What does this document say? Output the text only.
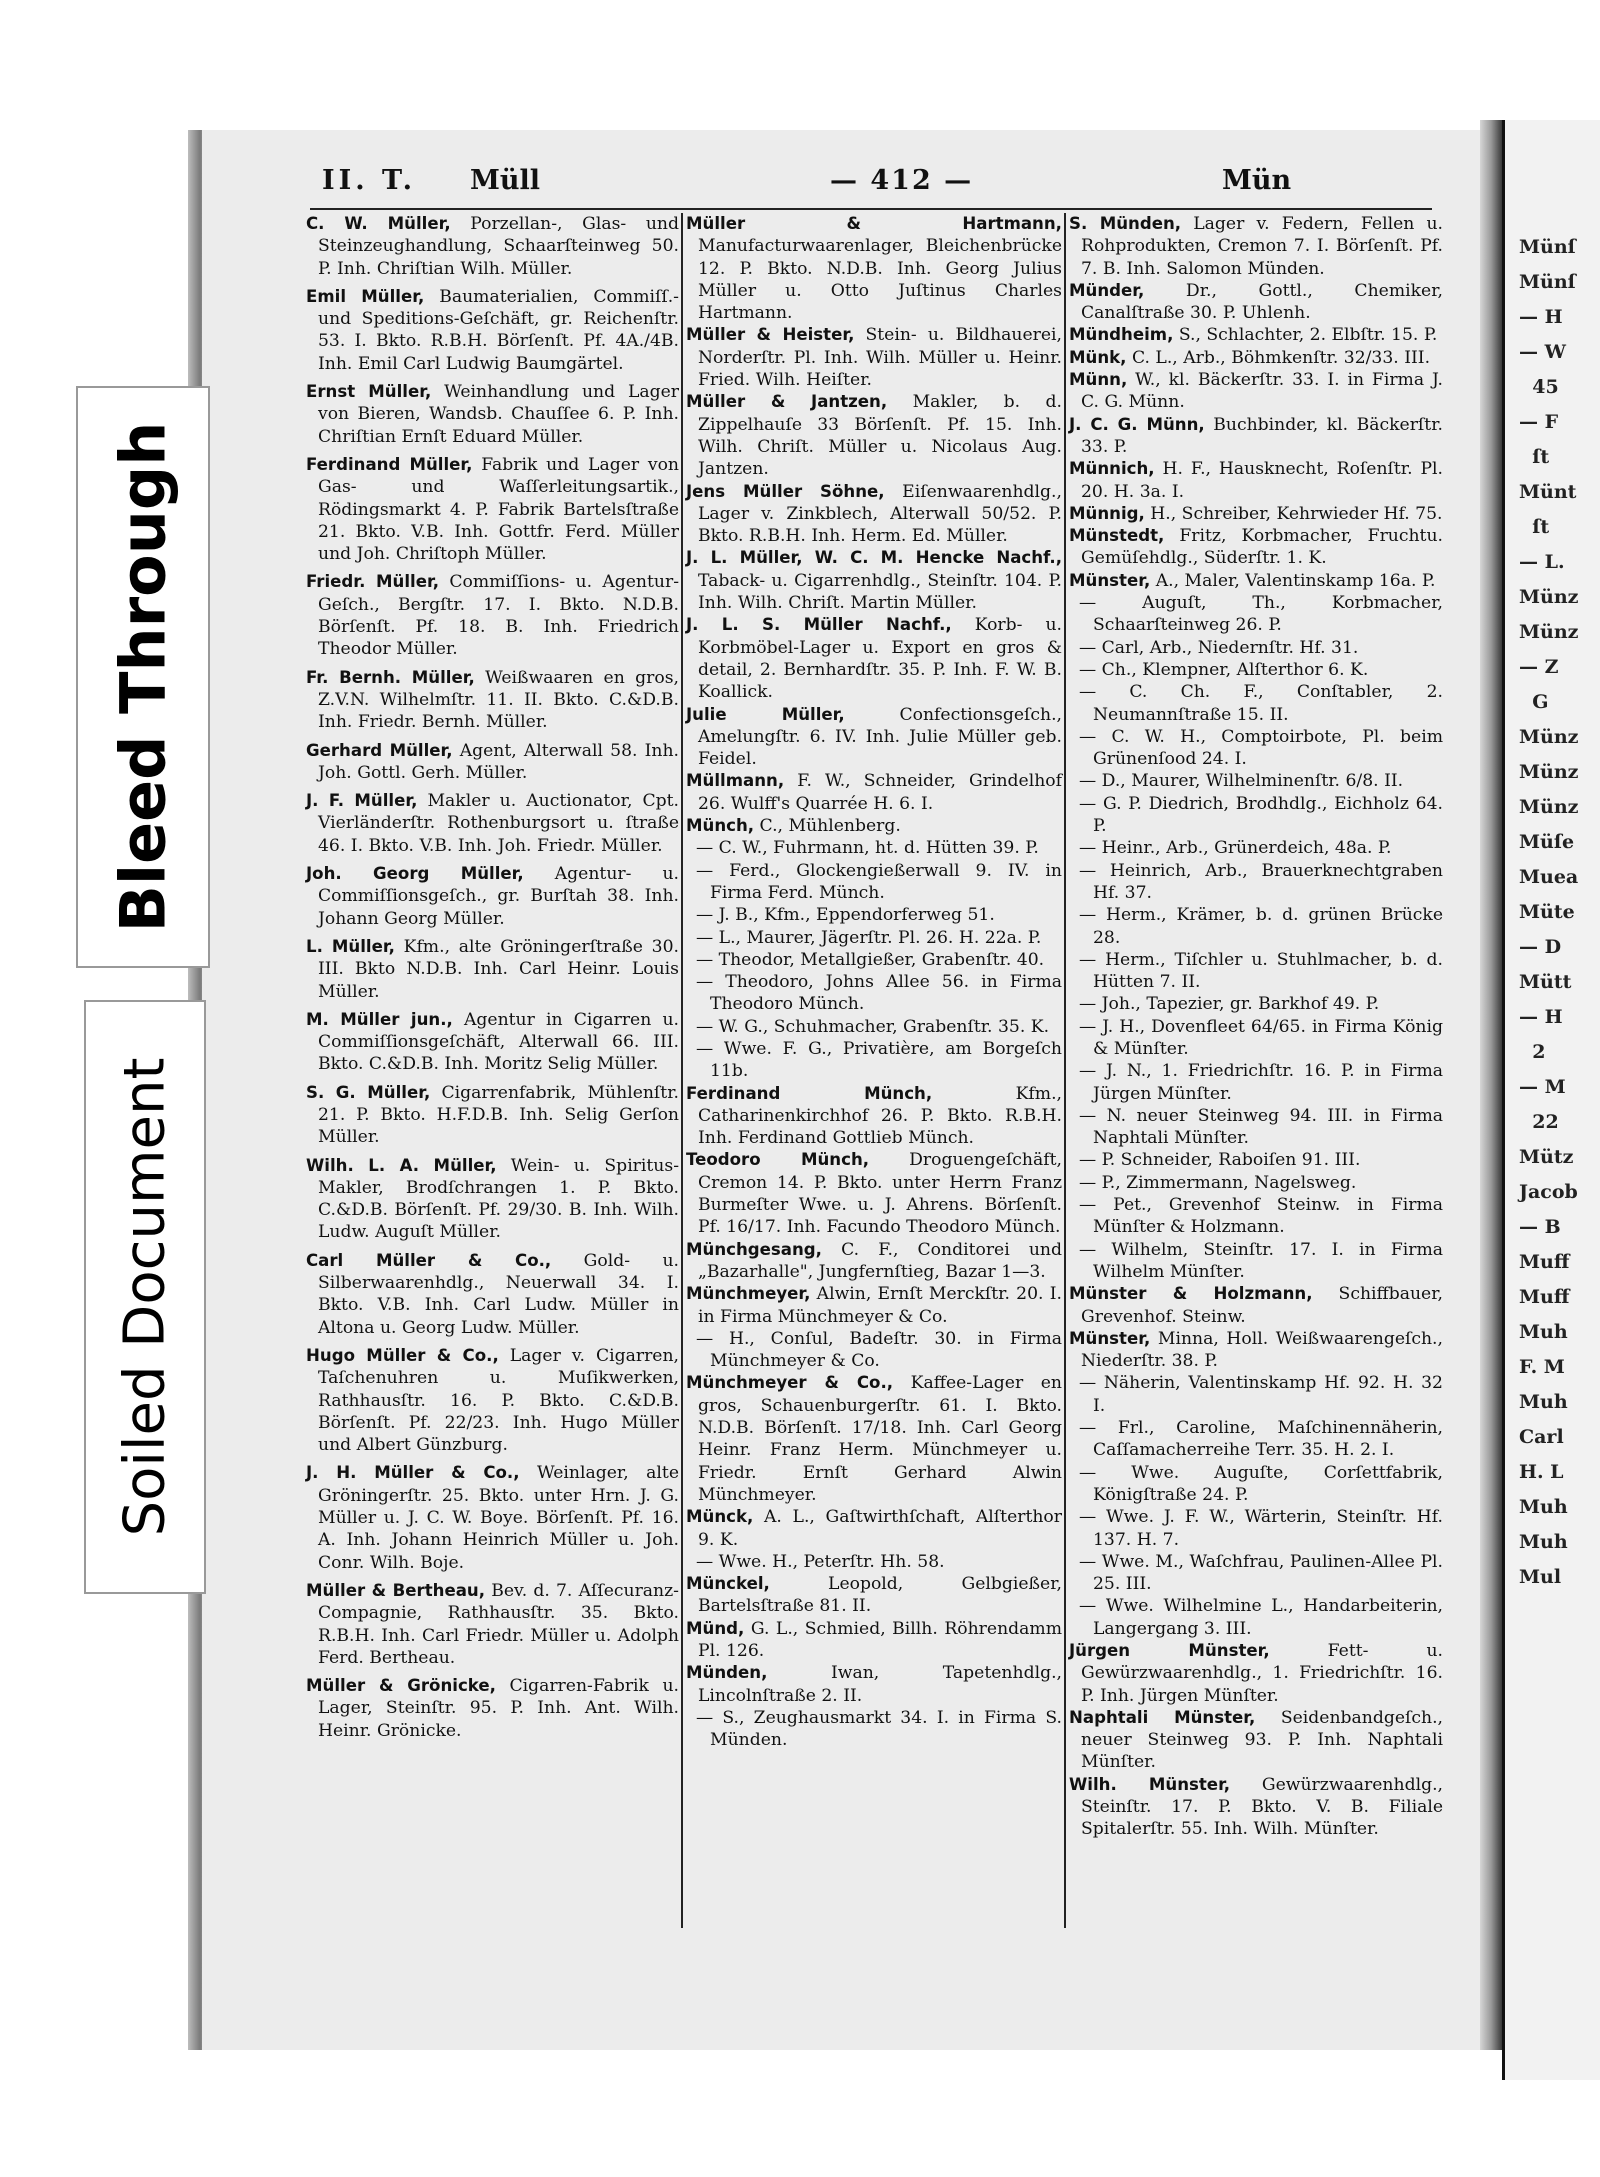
Münſ
Münſ
— H
— W
45
— F
ſt
Münt
ſt
— L.
Münz
Münz
— Z
G
Münz
Münz
Münz
Müſe
Muea
Müte
— D
Mütt
— H
2
— M
22
Mütz
Jacob
— B
Muff
Muff
Muh
F. M
Muh
Carl
H. L
Muh
Muh
Mul
II. T. Müll	— 412 —	Mün
C. W. Müller, Porzellan-, Glas- und Steinzeughandlung, Schaarſteinweg 50. P. Inh. Chriſtian Wilh. Müller.
Emil Müller, Baumaterialien, Commiſſ.- und Speditions-Geſchäft, gr. Reichenſtr. 53. I. Bkto. R.B.H. Börſenſt. Pf. 4A./4B. Inh. Emil Carl Ludwig Baumgärtel.
Ernst Müller, Weinhandlung und Lager von Bieren, Wandsb. Chauſſee 6. P. Inh. Chriſtian Ernſt Eduard Müller.
Ferdinand Müller, Fabrik und Lager von Gas- und Waſſerleitungsartik., Rödingsmarkt 4. P. Fabrik Bartelsſtraße 21. Bkto. V.B. Inh. Gottfr. Ferd. Müller und Joh. Chriſtoph Müller.
Friedr. Müller, Commiſſions- u. Agentur-Geſch., Bergſtr. 17. I. Bkto. N.D.B. Börſenſt. Pf. 18. B. Inh. Friedrich Theodor Müller.
Fr. Bernh. Müller, Weißwaaren en gros, Z.V.N. Wilhelmſtr. 11. II. Bkto. C.&D.B. Inh. Friedr. Bernh. Müller.
Gerhard Müller, Agent, Alterwall 58. Inh. Joh. Gottl. Gerh. Müller.
J. F. Müller, Makler u. Auctionator, Cpt. Vierländerſtr. Rothenburgsort u. ſtraße 46. I. Bkto. V.B. Inh. Joh. Friedr. Müller.
Joh. Georg Müller, Agentur- u. Commiſſionsgeſch., gr. Burſtah 38. Inh. Johann Georg Müller.
L. Müller, Kfm., alte Gröningerſtraße 30. III. Bkto N.D.B. Inh. Carl Heinr. Louis Müller.
M. Müller jun., Agentur in Cigarren u. Commiſſionsgeſchäft, Alterwall 66. III. Bkto. C.&D.B. Inh. Moritz Selig Müller.
S. G. Müller, Cigarrenfabrik, Mühlenſtr. 21. P. Bkto. H.F.D.B. Inh. Selig Gerſon Müller.
Wilh. L. A. Müller, Wein- u. Spiritus-Makler, Brodſchrangen 1. P. Bkto. C.&D.B. Börſenſt. Pf. 29/30. B. Inh. Wilh. Ludw. Auguſt Müller.
Carl Müller & Co., Gold- u. Silberwaarenhdlg., Neuerwall 34. I. Bkto. V.B. Inh. Carl Ludw. Müller in Altona u. Georg Ludw. Müller.
Hugo Müller & Co., Lager v. Cigarren, Taſchenuhren u. Muſikwerken, Rathhausſtr. 16. P. Bkto. C.&D.B. Börſenſt. Pf. 22/23. Inh. Hugo Müller und Albert Günzburg.
J. H. Müller & Co., Weinlager, alte Gröningerſtr. 25. Bkto. unter Hrn. J. G. Müller u. J. C. W. Boye. Börſenſt. Pf. 16. A. Inh. Johann Heinrich Müller u. Joh. Conr. Wilh. Boje.
Müller & Bertheau, Bev. d. 7. Aſſecuranz-Compagnie, Rathhausſtr. 35. Bkto. R.B.H. Inh. Carl Friedr. Müller u. Adolph Ferd. Bertheau.
Müller & Grönicke, Cigarren-Fabrik u. Lager, Steinſtr. 95. P. Inh. Ant. Wilh. Heinr. Grönicke.
Müller & Hartmann, Manufacturwaarenlager, Bleichenbrücke 12. P. Bkto. N.D.B. Inh. Georg Julius Müller u. Otto Juſtinus Charles Hartmann.
Müller & Heister, Stein- u. Bildhauerei, Norderſtr. Pl. Inh. Wilh. Müller u. Heinr. Fried. Wilh. Heiſter.
Müller & Jantzen, Makler, b. d. Zippelhauſe 33 Börſenſt. Pf. 15. Inh. Wilh. Chriſt. Müller u. Nicolaus Aug. Jantzen.
Jens Müller Söhne, Eiſenwaarenhdlg., Lager v. Zinkblech, Alterwall 50/52. P. Bkto. R.B.H. Inh. Herm. Ed. Müller.
J. L. Müller, W. C. M. Hencke Nachf., Taback- u. Cigarrenhdlg., Steinſtr. 104. P. Inh. Wilh. Chriſt. Martin Müller.
J. L. S. Müller Nachf., Korb- u. Korbmöbel-Lager u. Export en gros & detail, 2. Bernhardſtr. 35. P. Inh. F. W. B. Koallick.
Julie Müller, Confectionsgeſch., Amelungſtr. 6. IV. Inh. Julie Müller geb. Feidel.
Müllmann, F. W., Schneider, Grindelhof 26. Wulff's Quarrée H. 6. I.
Münch, C., Mühlenberg.
— C. W., Fuhrmann, ht. d. Hütten 39. P.
— Ferd., Glockengießerwall 9. IV. in Firma Ferd. Münch.
— J. B., Kfm., Eppendorferweg 51.
— L., Maurer, Jägerſtr. Pl. 26. H. 22a. P.
— Theodor, Metallgießer, Grabenſtr. 40.
— Theodoro, Johns Allee 56. in Firma Theodoro Münch.
— W. G., Schuhmacher, Grabenſtr. 35. K.
— Wwe. F. G., Privatière, am Borgeſch 11b.
Ferdinand Münch, Kfm., Catharinenkirchhof 26. P. Bkto. R.B.H. Inh. Ferdinand Gottlieb Münch.
Teodoro Münch, Droguengeſchäft, Cremon 14. P. Bkto. unter Herrn Franz Burmeſter Wwe. u. J. Ahrens. Börſenſt. Pf. 16/17. Inh. Facundo Theodoro Münch.
Münchgesang, C. F., Conditorei und „Bazarhalle", Jungfernſtieg, Bazar 1—3.
Münchmeyer, Alwin, Ernſt Merckſtr. 20. I. in Firma Münchmeyer & Co.
— H., Conſul, Badeſtr. 30. in Firma Münchmeyer & Co.
Münchmeyer & Co., Kaffee-Lager en gros, Schauenburgerſtr. 61. I. Bkto. N.D.B. Börſenſt. 17/18. Inh. Carl Georg Heinr. Franz Herm. Münchmeyer u. Friedr. Ernſt Gerhard Alwin Münchmeyer.
Münck, A. L., Gaſtwirthſchaft, Alſterthor 9. K.
— Wwe. H., Peterſtr. Hh. 58.
Münckel, Leopold, Gelbgießer, Bartelsſtraße 81. II.
Münd, G. L., Schmied, Billh. Röhrendamm Pl. 126.
Münden, Iwan, Tapetenhdlg., Lincolnſtraße 2. II.
— S., Zeughausmarkt 34. I. in Firma S. Münden.
S. Münden, Lager v. Federn, Fellen u. Rohprodukten, Cremon 7. I. Börſenſt. Pf. 7. B. Inh. Salomon Münden.
Münder, Dr., Gottl., Chemiker, Canalſtraße 30. P. Uhlenh.
Mündheim, S., Schlachter, 2. Elbſtr. 15. P.
Münk, C. L., Arb., Böhmkenſtr. 32/33. III.
Münn, W., kl. Bäckerſtr. 33. I. in Firma J. C. G. Münn.
J. C. G. Münn, Buchbinder, kl. Bäckerſtr. 33. P.
Münnich, H. F., Hausknecht, Roſenſtr. Pl. 20. H. 3a. I.
Münnig, H., Schreiber, Kehrwieder Hf. 75.
Münstedt, Fritz, Korbmacher, Fruchtu. Gemüſehdlg., Süderſtr. 1. K.
Münster, A., Maler, Valentinskamp 16a. P.
— Auguſt, Th., Korbmacher, Schaarſteinweg 26. P.
— Carl, Arb., Niedernſtr. Hf. 31.
— Ch., Klempner, Alſterthor 6. K.
— C. Ch. F., Conſtabler, 2. Neumannſtraße 15. II.
— C. W. H., Comptoirbote, Pl. beim Grünenſood 24. I.
— D., Maurer, Wilhelminenſtr. 6/8. II.
— G. P. Diedrich, Brodhdlg., Eichholz 64. P.
— Heinr., Arb., Grünerdeich, 48a. P.
— Heinrich, Arb., Brauerknechtgraben Hf. 37.
— Herm., Krämer, b. d. grünen Brücke 28.
— Herm., Tiſchler u. Stuhlmacher, b. d. Hütten 7. II.
— Joh., Tapezier, gr. Barkhof 49. P.
— J. H., Dovenfleet 64/65. in Firma König & Münſter.
— J. N., 1. Friedrichſtr. 16. P. in Firma Jürgen Münſter.
— N. neuer Steinweg 94. III. in Firma Naphtali Münſter.
— P. Schneider, Raboiſen 91. III.
— P., Zimmermann, Nagelsweg.
— Pet., Grevenhof Steinw. in Firma Münſter & Holzmann.
— Wilhelm, Steinſtr. 17. I. in Firma Wilhelm Münſter.
Münster & Holzmann, Schiffbauer, Grevenhof. Steinw.
Münster, Minna, Holl. Weißwaarengeſch., Niederſtr. 38. P.
— Näherin, Valentinskamp Hf. 92. H. 32 I.
— Frl., Caroline, Maſchinennäherin, Caſſamacherreihe Terr. 35. H. 2. I.
— Wwe. Auguſte, Corſettfabrik, Königſtraße 24. P.
— Wwe. J. F. W., Wärterin, Steinſtr. Hf. 137. H. 7.
— Wwe. M., Waſchfrau, Paulinen-Allee Pl. 25. III.
— Wwe. Wilhelmine L., Handarbeiterin, Langergang 3. III.
Jürgen Münster, Fett- u. Gewürzwaarenhdlg., 1. Friedrichſtr. 16. P. Inh. Jürgen Münſter.
Naphtali Münster, Seidenbandgeſch., neuer Steinweg 93. P. Inh. Naphtali Münſter.
Wilh. Münster, Gewürzwaarenhdlg., Steinſtr. 17. P. Bkto. V. B. Filiale Spitalerſtr. 55. Inh. Wilh. Münſter.
Bleed Through
Soiled Document
